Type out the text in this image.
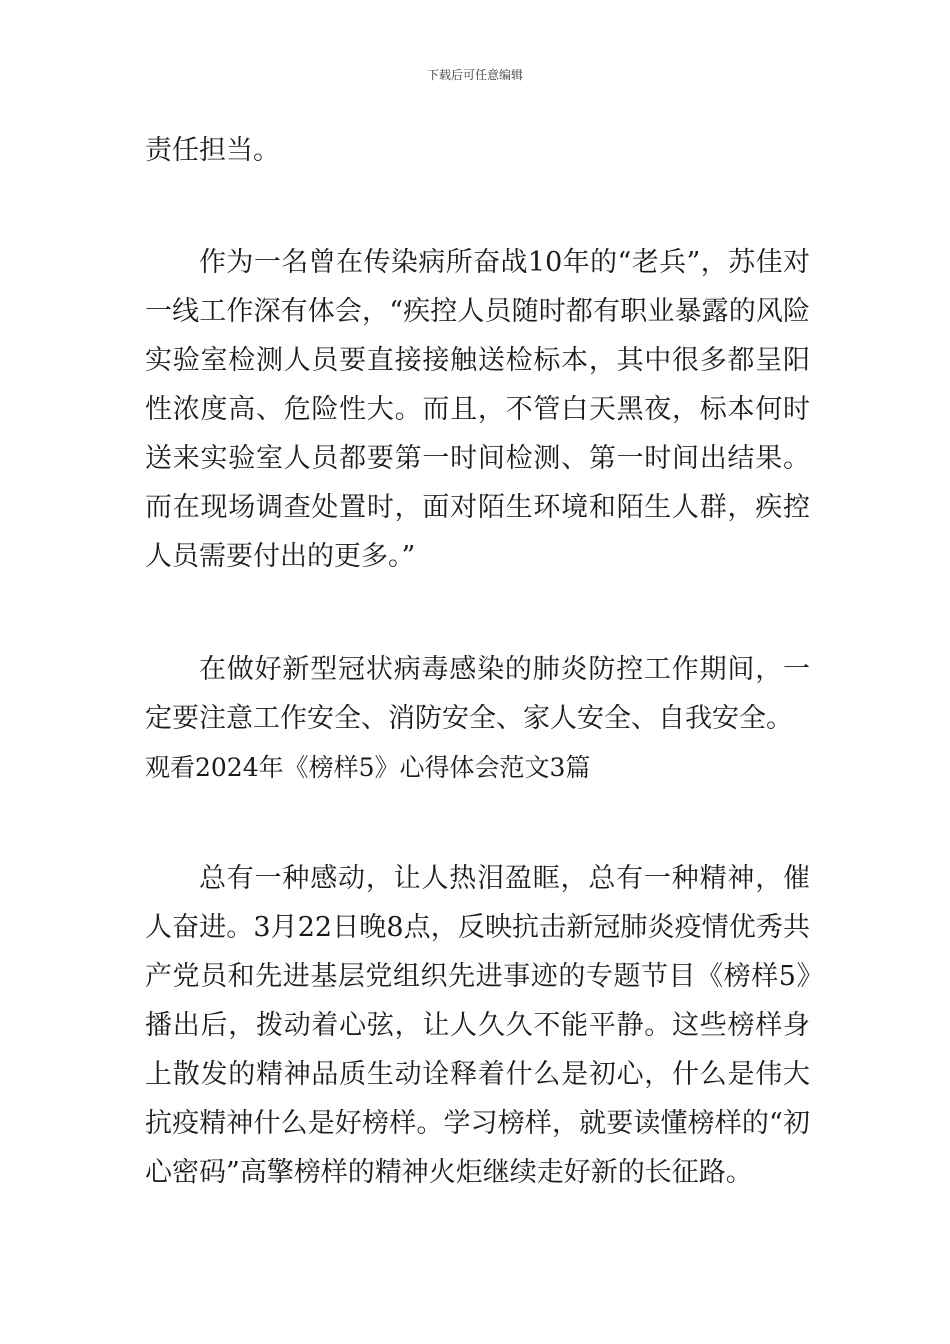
下载后可任意编辑

责任担当。

作为一名曾在传染病所奋战10年的“老兵”，苏佳对一线工作深有体会，“疾控人员随时都有职业暴露的风险实验室检测人员要直接接触送检标本，其中很多都呈阳性浓度高、危险性大。而且，不管白天黑夜，标本何时送来实验室人员都要第一时间检测、第一时间出结果。而在现场调查处置时，面对陌生环境和陌生人群，疾控人员需要付出的更多。”

在做好新型冠状病毒感染的肺炎防控工作期间，一定要注意工作安全、消防安全、家人安全、自我安全。

观看2024年《榜样5》心得体会范文3篇

总有一种感动，让人热泪盈眶，总有一种精神，催人奋进。3月22日晚8点，反映抗击新冠肺炎疫情优秀共产党员和先进基层党组织先进事迹的专题节目《榜样5》播出后，拨动着心弦，让人久久不能平静。这些榜样身上散发的精神品质生动诠释着什么是初心，什么是伟大抗疫精神什么是好榜样。学习榜样，就要读懂榜样的“初心密码”高擎榜样的精神火炬继续走好新的长征路。
